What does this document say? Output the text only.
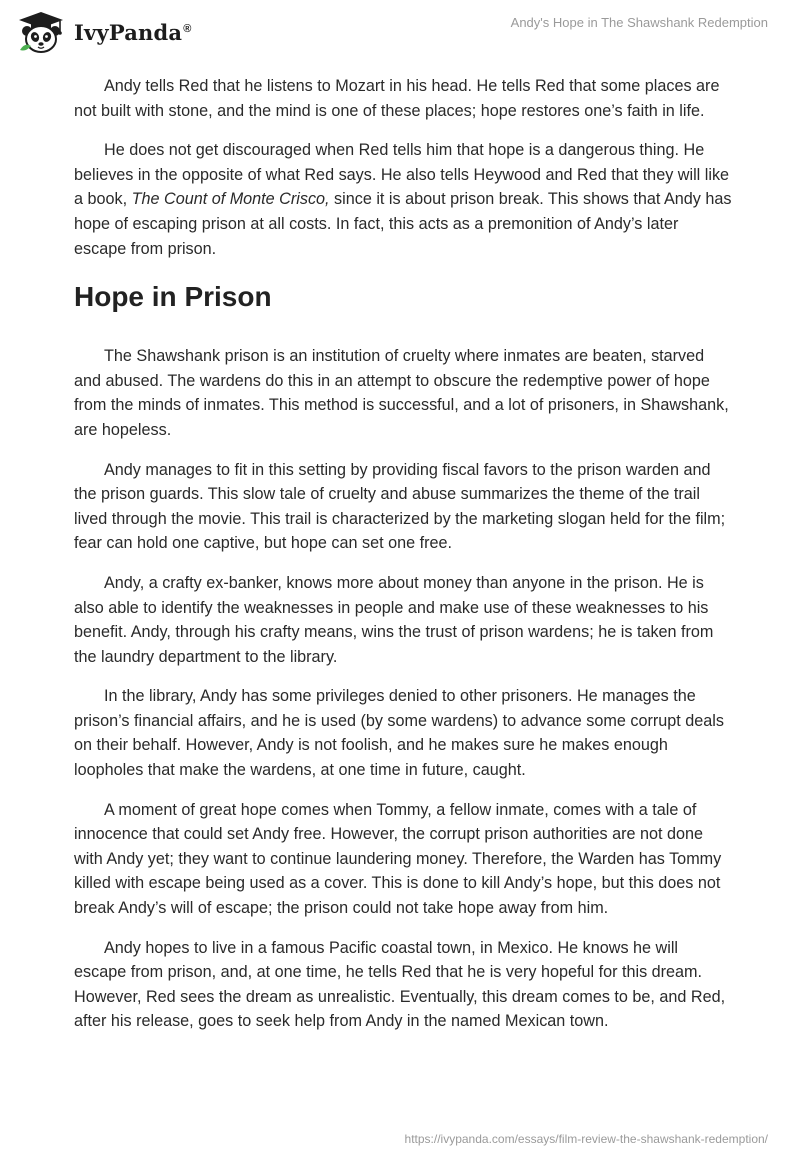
IvyPanda®	Andy's Hope in The Shawshank Redemption

Andy tells Red that he listens to Mozart in his head. He tells Red that some places are not built with stone, and the mind is one of these places; hope restores one’s faith in life.

He does not get discouraged when Red tells him that hope is a dangerous thing. He believes in the opposite of what Red says. He also tells Heywood and Red that they will like a book, The Count of Monte Crisco, since it is about prison break. This shows that Andy has hope of escaping prison at all costs. In fact, this acts as a premonition of Andy’s later escape from prison.

Hope in Prison

The Shawshank prison is an institution of cruelty where inmates are beaten, starved and abused. The wardens do this in an attempt to obscure the redemptive power of hope from the minds of inmates. This method is successful, and a lot of prisoners, in Shawshank, are hopeless.

Andy manages to fit in this setting by providing fiscal favors to the prison warden and the prison guards. This slow tale of cruelty and abuse summarizes the theme of the trail lived through the movie. This trail is characterized by the marketing slogan held for the film; fear can hold one captive, but hope can set one free.

Andy, a crafty ex-banker, knows more about money than anyone in the prison. He is also able to identify the weaknesses in people and make use of these weaknesses to his benefit. Andy, through his crafty means, wins the trust of prison wardens; he is taken from the laundry department to the library.

In the library, Andy has some privileges denied to other prisoners. He manages the prison’s financial affairs, and he is used (by some wardens) to advance some corrupt deals on their behalf. However, Andy is not foolish, and he makes sure he makes enough loopholes that make the wardens, at one time in future, caught.

A moment of great hope comes when Tommy, a fellow inmate, comes with a tale of innocence that could set Andy free. However, the corrupt prison authorities are not done with Andy yet; they want to continue laundering money. Therefore, the Warden has Tommy killed with escape being used as a cover. This is done to kill Andy’s hope, but this does not break Andy’s will of escape; the prison could not take hope away from him.

Andy hopes to live in a famous Pacific coastal town, in Mexico. He knows he will escape from prison, and, at one time, he tells Red that he is very hopeful for this dream. However, Red sees the dream as unrealistic. Eventually, this dream comes to be, and Red, after his release, goes to seek help from Andy in the named Mexican town.

https://ivypanda.com/essays/film-review-the-shawshank-redemption/
